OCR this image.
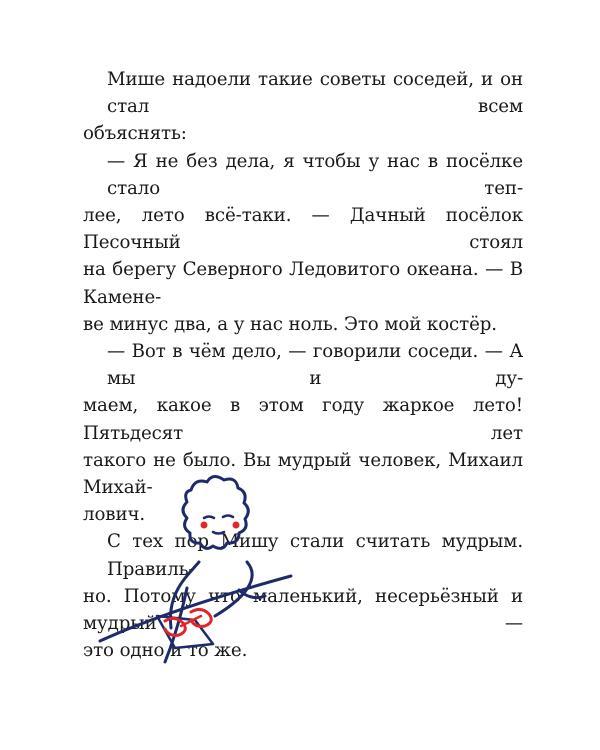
Мише надоели такие советы соседей, и он стал всем
объяснять:
— Я не без дела, я чтобы у нас в посёлке стало теп-
лее, лето всё-таки. — Дачный посёлок Песочный стоял
на берегу Северного Ледовитого океана. — В Камене-
ве минус два, а у нас ноль. Это мой костёр.
— Вот в чём дело, — говорили соседи. — А мы и ду-
маем, какое в этом году жаркое лето! Пятьдесят лет
такого не было. Вы мудрый человек, Михаил Михай-
лович.
С тех пор Мишу стали считать мудрым. Правиль-
но. Потому что маленький, несерьёзный и мудрый —
это одно и то же.
